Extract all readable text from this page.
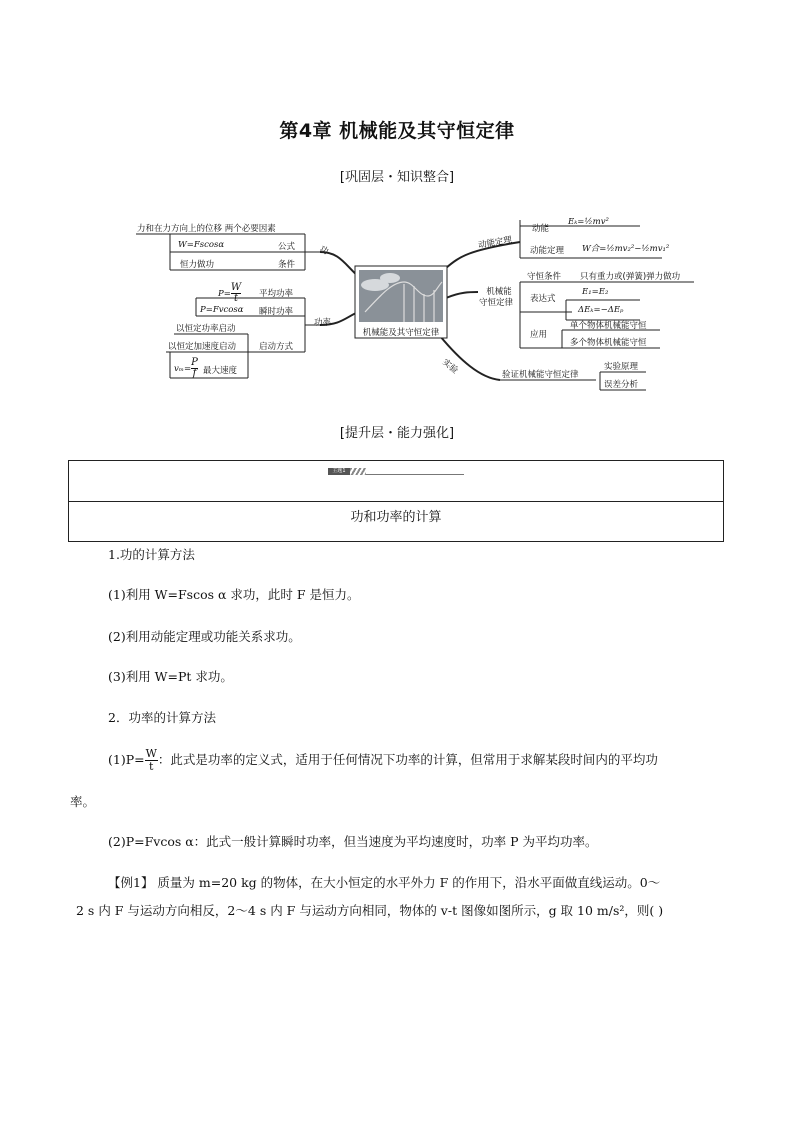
第4章 机械能及其守恒定律
[巩固层・知识整合]
机械能及其守恒定律
力和在力方向上的位移 两个必要因素
W=Fscosα	公式
恒力做功	条件
功
$P= \frac{W}{t}$ 平均功率
P=Fvcosα 瞬时功率
以恒定功率启动
以恒定加速度启动	启动方式
$v_m= \frac{P}{f}$ 最大速度
功率
动能定理
动能
Eₖ=½mv²
动能定理 W合=½mv₂²−½mv₁²
机械能
守恒定律
守恒条件 只有重力或(弹簧)弹力做功
表达式
E₁=E₂
ΔEₖ=−ΔEₚ
应用
单个物体机械能守恒
多个物体机械能守恒
实验	验证机械能守恒定律
实验原理
误差分析
[提升层・能力强化]
主题1
功和功率的计算
1.功的计算方法
(1)利用 W=Fscos α 求功，此时 F 是恒力。
(2)利用动能定理或功能关系求功。
(3)利用 W=Pt 求功。
2．功率的计算方法
$(1)P= \frac{W}{t}$ ：此式是功率的定义式，适用于任何情况下功率的计算，但常用于求解某段时间内的平均功
率。
(2)P=Fvcos α：此式一般计算瞬时功率，但当速度为平均速度时，功率 P 为平均功率。
【例1】 质量为 m=20 kg 的物体，在大小恒定的水平外力 F 的作用下，沿水平面做直线运动。0～
2 s 内 F 与运动方向相反，2～4 s 内 F 与运动方向相同，物体的 v-t 图像如图所示，g 取 10 m/s²，则( )
